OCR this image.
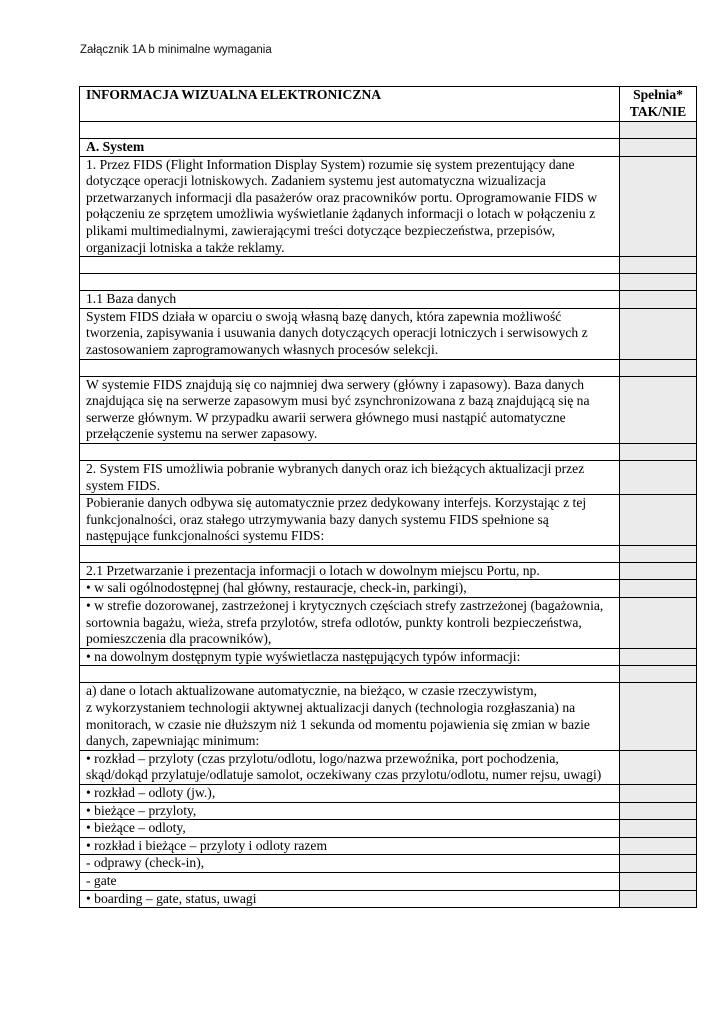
Załącznik 1A b minimalne wymagania
INFORMACJA WIZUALNA ELEKTRONICZNA	Spełnia*
TAK/NIE

A. System	
1. Przez FIDS (Flight Information Display System) rozumie się system prezentujący dane dotyczące operacji lotniskowych. Zadaniem systemu jest automatyczna wizualizacja przetwarzanych informacji dla pasażerów oraz pracowników portu. Oprogramowanie FIDS w połączeniu ze sprzętem umożliwia wyświetlanie żądanych informacji o lotach w połączeniu z plikami multimedialnymi, zawierającymi treści dotyczące bezpieczeństwa, przepisów, organizacji lotniska a także reklamy.	

1.1 Baza danych	
System FIDS działa w oparciu o swoją własną bazę danych, która zapewnia możliwość tworzenia, zapisywania i usuwania danych dotyczących operacji lotniczych i serwisowych z zastosowaniem zaprogramowanych własnych procesów selekcji.	

W systemie FIDS znajdują się co najmniej dwa serwery (główny i zapasowy). Baza danych znajdująca się na serwerze zapasowym musi być zsynchronizowana z bazą znajdującą się na serwerze głównym. W przypadku awarii serwera głównego musi nastąpić automatyczne przełączenie systemu na serwer zapasowy.	

2. System FIS umożliwia pobranie wybranych danych oraz ich bieżących aktualizacji przez system FIDS.	
Pobieranie danych odbywa się automatycznie przez dedykowany interfejs. Korzystając z tej funkcjonalności, oraz stałego utrzymywania bazy danych systemu FIDS spełnione są następujące funkcjonalności systemu FIDS:	

2.1 Przetwarzanie i prezentacja informacji o lotach w dowolnym miejscu Portu, np.	
• w sali ogólnodostępnej (hal główny, restauracje, check-in, parkingi),	
• w strefie dozorowanej, zastrzeżonej i krytycznych częściach strefy zastrzeżonej (bagażownia, sortownia bagażu, wieża, strefa przylotów, strefa odlotów, punkty kontroli bezpieczeństwa, pomieszczenia dla pracowników),	
• na dowolnym dostępnym typie wyświetlacza następujących typów informacji:	

a) dane o lotach aktualizowane automatycznie, na bieżąco, w czasie rzeczywistym,
z wykorzystaniem technologii aktywnej aktualizacji danych (technologia rozgłaszania) na monitorach, w czasie nie dłuższym niż 1 sekunda od momentu pojawienia się zmian w bazie danych, zapewniając minimum:	
• rozkład – przyloty (czas przylotu/odlotu, logo/nazwa przewoźnika, port pochodzenia, skąd/dokąd przylatuje/odlatuje samolot, oczekiwany czas przylotu/odlotu, numer rejsu, uwagi)	
• rozkład – odloty (jw.),	
• bieżące – przyloty,	
• bieżące – odloty,	
• rozkład i bieżące – przyloty i odloty razem	
- odprawy (check-in),	
- gate	
• boarding – gate, status, uwagi	
